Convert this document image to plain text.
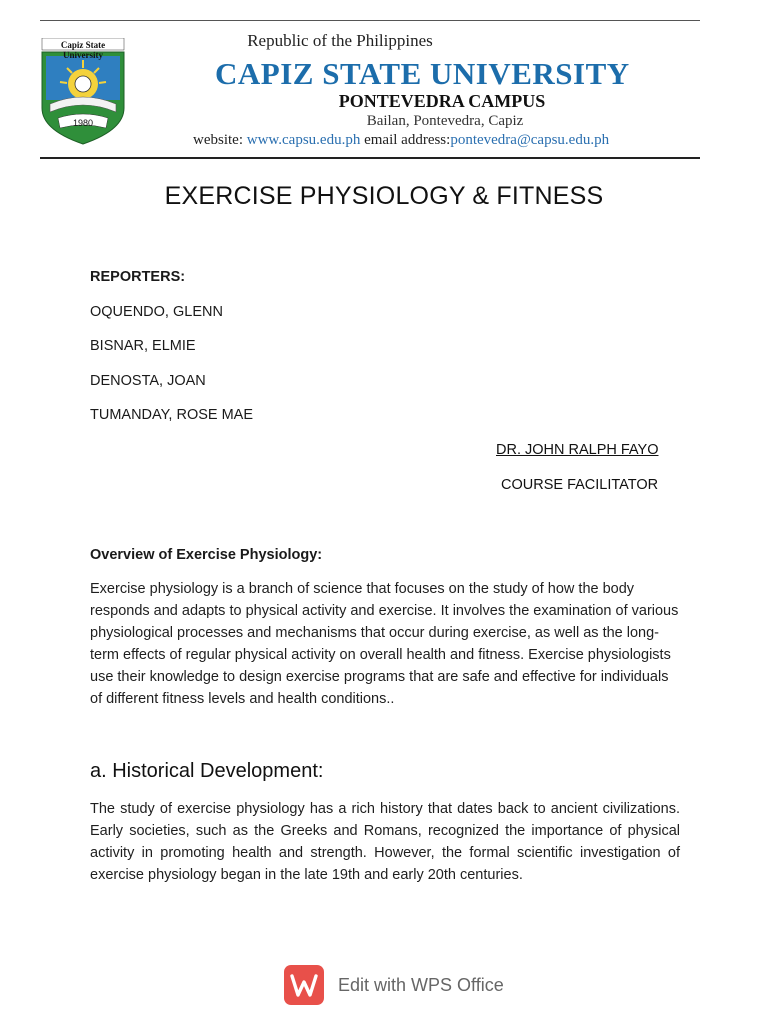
1980
Capiz State University
Republic of the Philippines
CAPIZ STATE UNIVERSITY
PONTEVEDRA CAMPUS
Bailan, Pontevedra, Capiz
website: www.capsu.edu.ph email address:pontevedra@capsu.edu.ph
EXERCISE PHYSIOLOGY & FITNESS
REPORTERS:
OQUENDO, GLENN
BISNAR, ELMIE
DENOSTA, JOAN
TUMANDAY, ROSE MAE
DR. JOHN RALPH FAYO
COURSE FACILITATOR
Overview of Exercise Physiology:
Exercise physiology is a branch of science that focuses on the study of how the body responds and adapts to physical activity and exercise. It involves the examination of various physiological processes and mechanisms that occur during exercise, as well as the long-term effects of regular physical activity on overall health and fitness. Exercise physiologists use their knowledge to design exercise programs that are safe and effective for individuals of different fitness levels and health conditions..
a. Historical Development:
The study of exercise physiology has a rich history that dates back to ancient civilizations. Early societies, such as the Greeks and Romans, recognized the importance of physical activity in promoting health and strength. However, the formal scientific investigation of exercise physiology began in the late 19th and early 20th centuries.
Edit with WPS Office
